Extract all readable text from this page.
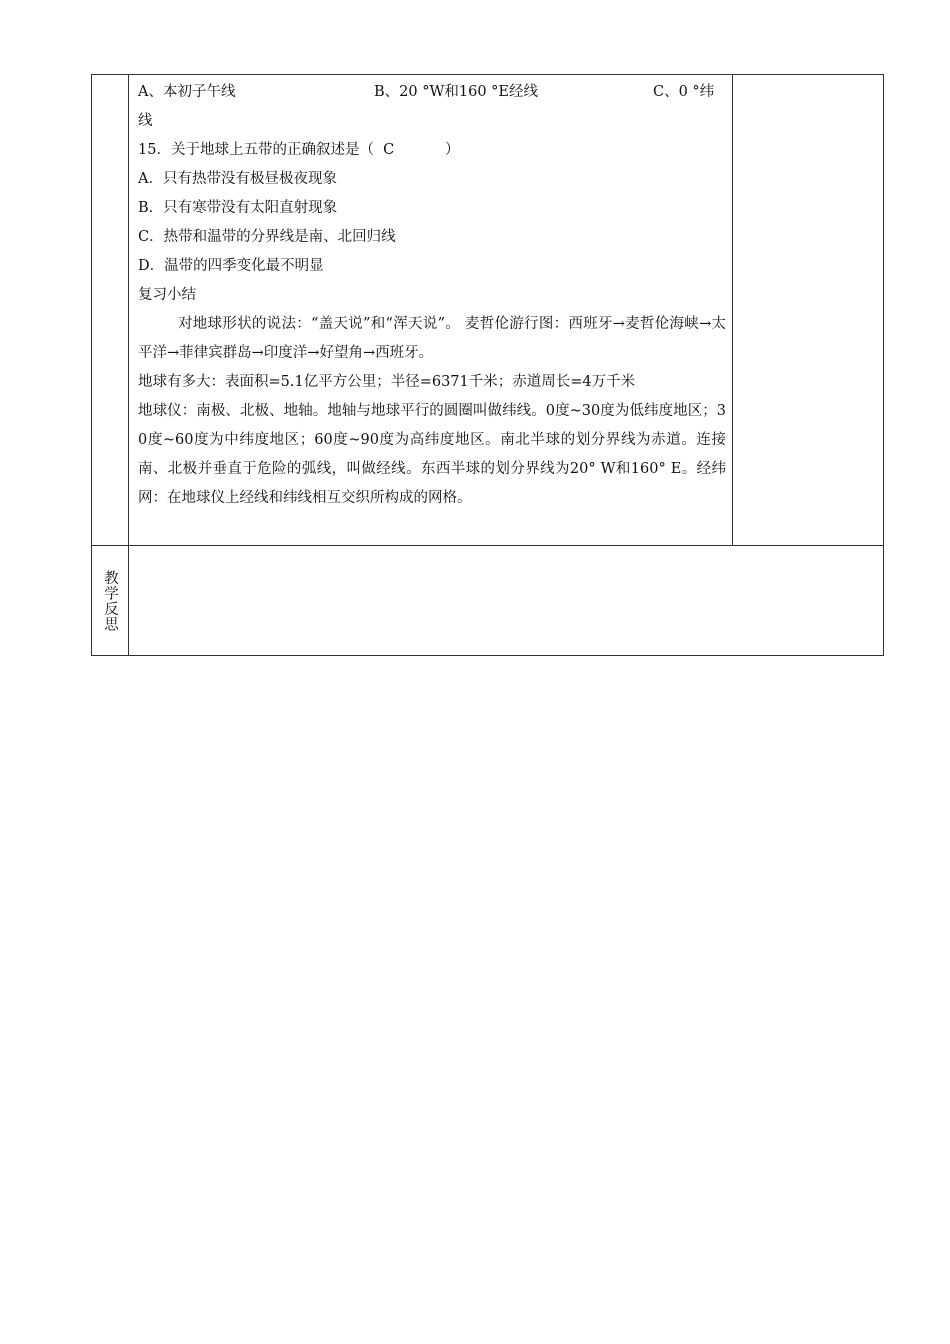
A、本初子午线	B、20 °W和160 °E经线	C、0 °纬
线
15．关于地球上五带的正确叙述是（  C           ）
A．只有热带没有极昼极夜现象
B．只有寒带没有太阳直射现象
C．热带和温带的分界线是南、北回归线
D．温带的四季变化最不明显
复习小结
对地球形状的说法：“盖天说”和“浑天说”。 麦哲伦游行图：西班牙→麦哲伦海峡→太平洋→菲律宾群岛→印度洋→好望角→西班牙。
地球有多大：表面积=5.1亿平方公里；半径=6371千米；赤道周长=4万千米
地球仪：南极、北极、地轴。地轴与地球平行的圆圈叫做纬线。0度~30度为低纬度地区；30度~60度为中纬度地区；60度~90度为高纬度地区。南北半球的划分界线为赤道。连接南、北极并垂直于危险的弧线，叫做经线。东西半球的划分界线为20° W和160° E。经纬网：在地球仪上经线和纬线相互交织所构成的网格。
教学反思
